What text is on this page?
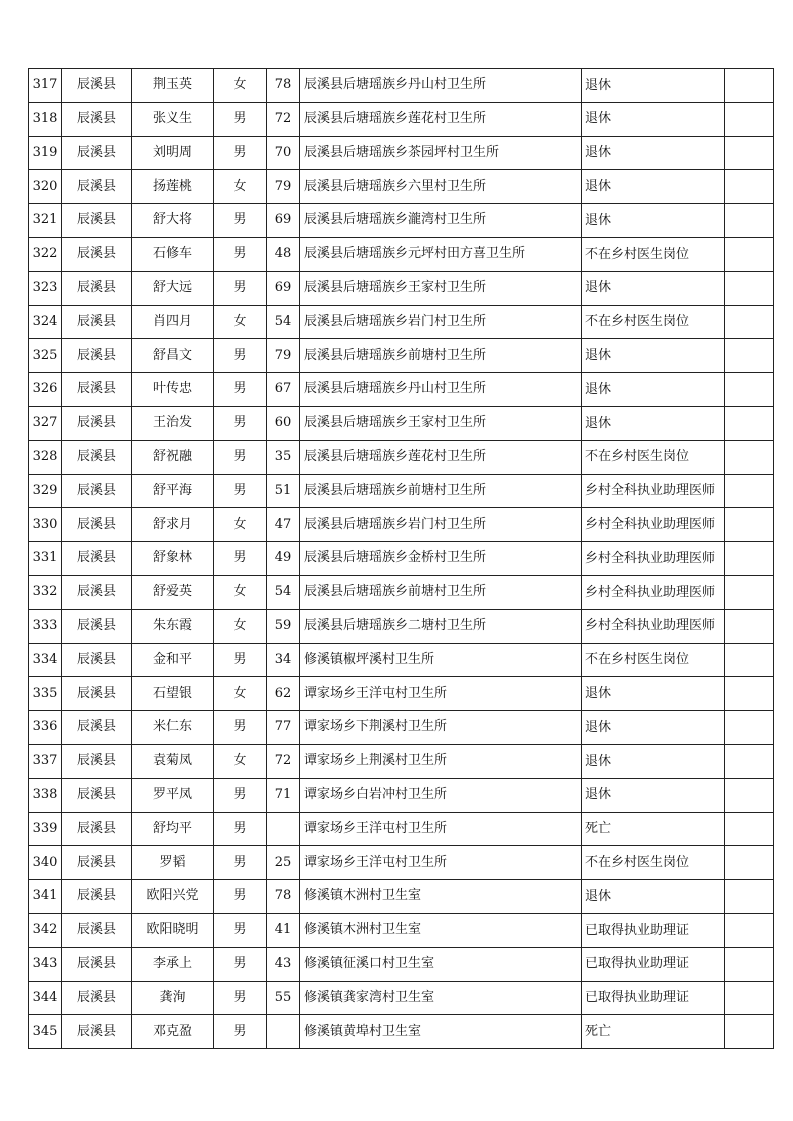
317	辰溪县	荆玉英	女	78	辰溪县后塘瑶族乡丹山村卫生所	退休	
318	辰溪县	张义生	男	72	辰溪县后塘瑶族乡莲花村卫生所	退休	
319	辰溪县	刘明周	男	70	辰溪县后塘瑶族乡茶园坪村卫生所	退休	
320	辰溪县	扬莲桃	女	79	辰溪县后塘瑶族乡六里村卫生所	退休	
321	辰溪县	舒大将	男	69	辰溪县后塘瑶族乡瀧湾村卫生所	退休	
322	辰溪县	石修车	男	48	辰溪县后塘瑶族乡元坪村田方喜卫生所	不在乡村医生岗位	
323	辰溪县	舒大远	男	69	辰溪县后塘瑶族乡王家村卫生所	退休	
324	辰溪县	肖四月	女	54	辰溪县后塘瑶族乡岩门村卫生所	不在乡村医生岗位	
325	辰溪县	舒昌文	男	79	辰溪县后塘瑶族乡前塘村卫生所	退休	
326	辰溪县	叶传忠	男	67	辰溪县后塘瑶族乡丹山村卫生所	退休	
327	辰溪县	王治发	男	60	辰溪县后塘瑶族乡王家村卫生所	退休	
328	辰溪县	舒祝融	男	35	辰溪县后塘瑶族乡莲花村卫生所	不在乡村医生岗位	
329	辰溪县	舒平海	男	51	辰溪县后塘瑶族乡前塘村卫生所	乡村全科执业助理医师	
330	辰溪县	舒求月	女	47	辰溪县后塘瑶族乡岩门村卫生所	乡村全科执业助理医师	
331	辰溪县	舒象林	男	49	辰溪县后塘瑶族乡金桥村卫生所	乡村全科执业助理医师	
332	辰溪县	舒爱英	女	54	辰溪县后塘瑶族乡前塘村卫生所	乡村全科执业助理医师	
333	辰溪县	朱东霞	女	59	辰溪县后塘瑶族乡二塘村卫生所	乡村全科执业助理医师	
334	辰溪县	金和平	男	34	修溪镇椒坪溪村卫生所	不在乡村医生岗位	
335	辰溪县	石望银	女	62	谭家场乡王洋屯村卫生所	退休	
336	辰溪县	米仁东	男	77	谭家场乡下荆溪村卫生所	退休	
337	辰溪县	袁菊凤	女	72	谭家场乡上荆溪村卫生所	退休	
338	辰溪县	罗平凤	男	71	谭家场乡白岩冲村卫生所	退休	
339	辰溪县	舒均平	男		谭家场乡王洋屯村卫生所	死亡	
340	辰溪县	罗韬	男	25	谭家场乡王洋屯村卫生所	不在乡村医生岗位	
341	辰溪县	欧阳兴党	男	78	修溪镇木洲村卫生室	退休	
342	辰溪县	欧阳晓明	男	41	修溪镇木洲村卫生室	已取得执业助理证	
343	辰溪县	李承上	男	43	修溪镇征溪口村卫生室	已取得执业助理证	
344	辰溪县	龚洵	男	55	修溪镇龚家湾村卫生室	已取得执业助理证	
345	辰溪县	邓克盈	男		修溪镇黄埠村卫生室	死亡	
